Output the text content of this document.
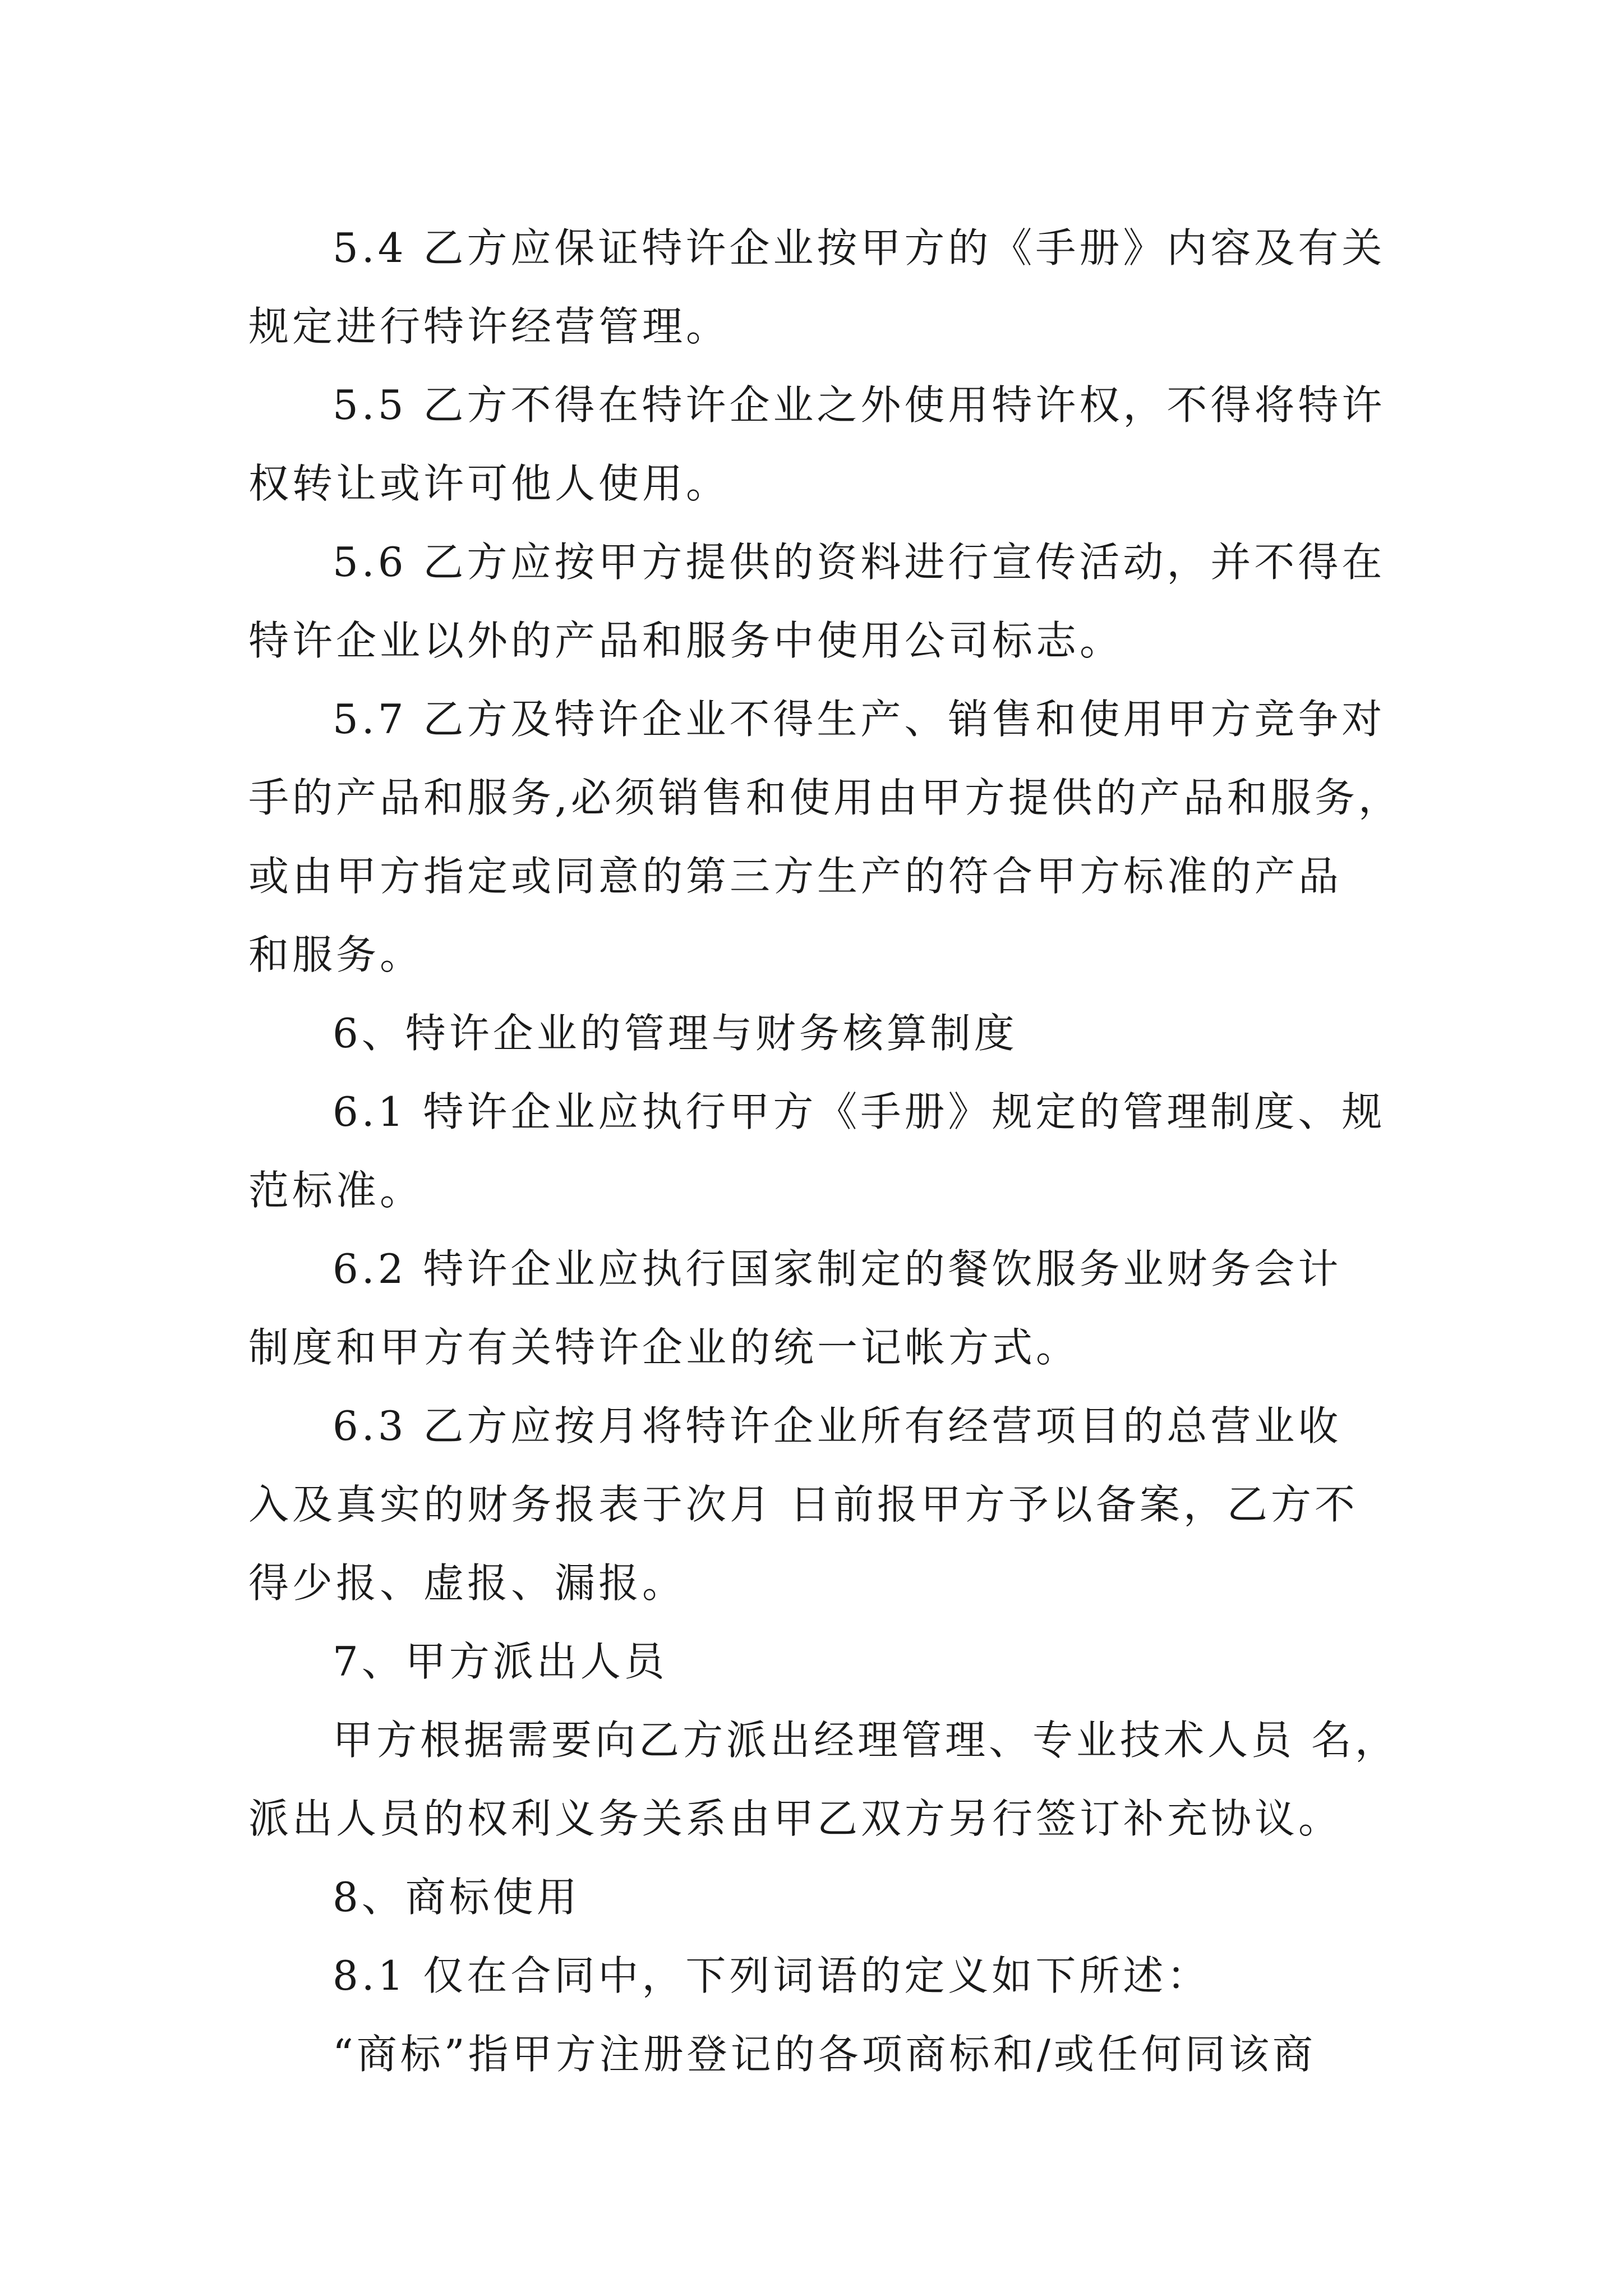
5.4 乙方应保证特许企业按甲方的《手册》内容及有关
规定进行特许经营管理。
5.5 乙方不得在特许企业之外使用特许权，不得将特许
权转让或许可他人使用。
5.6 乙方应按甲方提供的资料进行宣传活动，并不得在
特许企业以外的产品和服务中使用公司标志。
5.7 乙方及特许企业不得生产、销售和使用甲方竞争对
手的产品和服务,必须销售和使用由甲方提供的产品和服务，
或由甲方指定或同意的第三方生产的符合甲方标准的产品
和服务。
6、特许企业的管理与财务核算制度
6.1 特许企业应执行甲方《手册》规定的管理制度、规
范标准。
6.2 特许企业应执行国家制定的餐饮服务业财务会计
制度和甲方有关特许企业的统一记帐方式。
6.3 乙方应按月将特许企业所有经营项目的总营业收
入及真实的财务报表于次月 日前报甲方予以备案，乙方不
得少报、虚报、漏报。
7、甲方派出人员
甲方根据需要向乙方派出经理管理、专业技术人员 名，
派出人员的权利义务关系由甲乙双方另行签订补充协议。
8、商标使用
8.1 仅在合同中，下列词语的定义如下所述：
“商标”指甲方注册登记的各项商标和/或任何同该商
